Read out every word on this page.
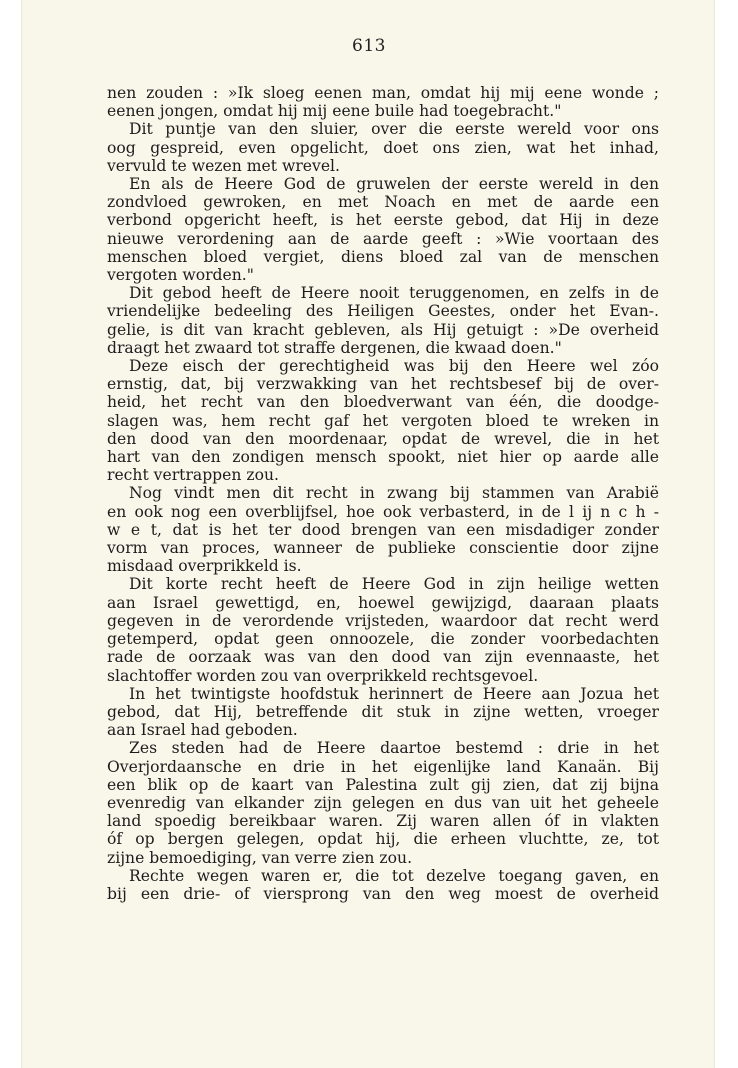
613

nen zouden : »Ik sloeg eenen man, omdat hij mij eene wonde ;
eenen jongen, omdat hij mij eene buile had toegebracht."

Dit puntje van den sluier, over die eerste wereld voor ons
oog gespreid, even opgelicht, doet ons zien, wat het inhad,
vervuld te wezen met wrevel.

En als de Heere God de gruwelen der eerste wereld in den
zondvloed gewroken, en met Noach en met de aarde een
verbond opgericht heeft, is het eerste gebod, dat Hij in deze
nieuwe verordening aan de aarde geeft : »Wie voortaan des
menschen bloed vergiet, diens bloed zal van de menschen
vergoten worden."

Dit gebod heeft de Heere nooit teruggenomen, en zelfs in de
vriendelijke bedeeling des Heiligen Geestes, onder het Evan-.
gelie, is dit van kracht gebleven, als Hij getuigt : »De overheid
draagt het zwaard tot straffe dergenen, die kwaad doen."

Deze eisch der gerechtigheid was bij den Heere wel zóo
ernstig, dat, bij verzwakking van het rechtsbesef bij de over-
heid, het recht van den bloedverwant van één, die doodge-
slagen was, hem recht gaf het vergoten bloed te wreken in
den dood van den moordenaar, opdat de wrevel, die in het
hart van den zondigen mensch spookt, niet hier op aarde alle
recht vertrappen zou.

Nog vindt men dit recht in zwang bij stammen van Arabië
en ook nog een overblijfsel, hoe ook verbasterd, in de l ij n c h -
w e t, dat is het ter dood brengen van een misdadiger zonder
vorm van proces, wanneer de publieke conscientie door zijne
misdaad overprikkeld is.

Dit korte recht heeft de Heere God in zijn heilige wetten
aan Israel gewettigd, en, hoewel gewijzigd, daaraan plaats
gegeven in de verordende vrijsteden, waardoor dat recht werd
getemperd, opdat geen onnoozele, die zonder voorbedachten
rade de oorzaak was van den dood van zijn evennaaste, het
slachtoffer worden zou van overprikkeld rechtsgevoel.

In het twintigste hoofdstuk herinnert de Heere aan Jozua het
gebod, dat Hij, betreffende dit stuk in zijne wetten, vroeger
aan Israel had geboden.

Zes steden had de Heere daartoe bestemd : drie in het
Overjordaansche en drie in het eigenlijke land Kanaän. Bij
een blik op de kaart van Palestina zult gij zien, dat zij bijna
evenredig van elkander zijn gelegen en dus van uit het geheele
land spoedig bereikbaar waren. Zij waren allen óf in vlakten
óf op bergen gelegen, opdat hij, die erheen vluchtte, ze, tot
zijne bemoediging, van verre zien zou.

Rechte wegen waren er, die tot dezelve toegang gaven, en
bij een drie- of viersprong van den weg moest de overheid
